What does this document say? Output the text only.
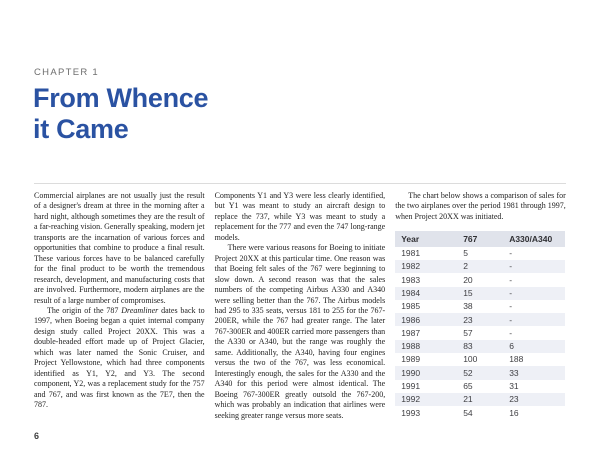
CHAPTER 1
From Whence
it Came

Commercial airplanes are not usually just the result of a designer's dream at three in the morning after a hard night, although sometimes they are the result of a far-reaching vision. Generally speaking, modern jet transports are the incarnation of various forces and opportunities that combine to produce a final result. These various forces have to be balanced carefully for the final product to be worth the tremendous research, development, and manufacturing costs that are involved. Furthermore, modern airplanes are the result of a large number of compromises.

The origin of the 787 Dreamliner dates back to 1997, when Boeing began a quiet internal company design study called Project 20XX. This was a double-headed effort made up of Project Glacier, which was later named the Sonic Cruiser, and Project Yellowstone, which had three components identified as Y1, Y2, and Y3. The second component, Y2, was a replacement study for the 757 and 767, and was first known as the 7E7, then the 787.

Components Y1 and Y3 were less clearly identified, but Y1 was meant to study an aircraft design to replace the 737, while Y3 was meant to study a replacement for the 777 and even the 747 long-range models.

There were various reasons for Boeing to initiate Project 20XX at this particular time. One reason was that Boeing felt sales of the 767 were beginning to slow down. A second reason was that the sales numbers of the competing Airbus A330 and A340 were selling better than the 767. The Airbus models had 295 to 335 seats, versus 181 to 255 for the 767-200ER, while the 767 had greater range. The later 767-300ER and 400ER carried more passengers than the A330 or A340, but the range was roughly the same. Additionally, the A340, having four engines versus the two of the 767, was less economical. Interestingly enough, the sales for the A330 and the A340 for this period were almost identical. The Boeing 767-300ER greatly outsold the 767-200, which was probably an indication that airlines were seeking greater range versus more seats.

The chart below shows a comparison of sales for the two airplanes over the period 1981 through 1997, when Project 20XX was initiated.

Year	767	A330/A340
1981	5	-
1982	2	-
1983	20	-
1984	15	-
1985	38	-
1986	23	-
1987	57	-
1988	83	6
1989	100	188
1990	52	33
1991	65	31
1992	21	23
1993	54	16
6
